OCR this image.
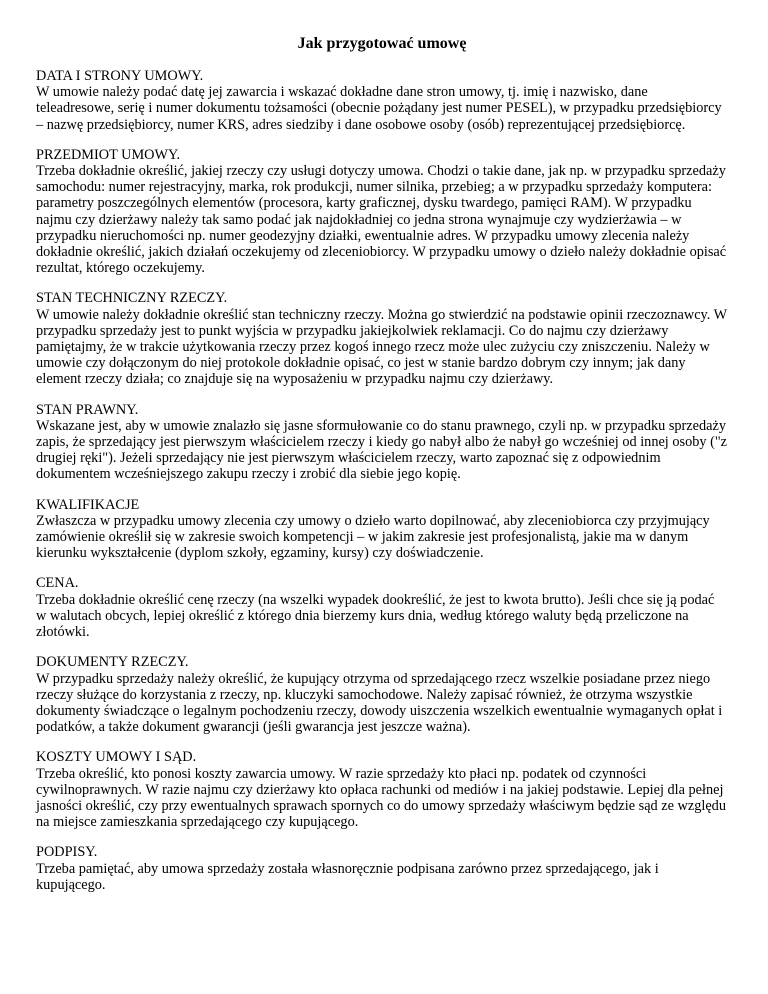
Jak przygotować umowę

DATA I STRONY UMOWY.

W umowie należy podać datę jej zawarcia i wskazać dokładne dane stron umowy, tj. imię i nazwisko, dane teleadresowe, serię i numer dokumentu tożsamości (obecnie pożądany jest numer PESEL), w przypadku przedsiębiorcy – nazwę przedsiębiorcy, numer KRS, adres siedziby i dane osobowe osoby (osób) reprezentującej przedsiębiorcę.

PRZEDMIOT UMOWY.

Trzeba dokładnie określić, jakiej rzeczy czy usługi dotyczy umowa. Chodzi o takie dane, jak np. w przypadku sprzedaży samochodu: numer rejestracyjny, marka, rok produkcji, numer silnika, przebieg; a w przypadku sprzedaży komputera: parametry poszczególnych elementów (procesora, karty graficznej, dysku twardego, pamięci RAM). W przypadku najmu czy dzierżawy należy tak samo podać jak najdokładniej co jedna strona wynajmuje czy wydzierżawia – w przypadku nieruchomości np. numer geodezyjny działki, ewentualnie adres. W przypadku umowy zlecenia należy dokładnie określić, jakich działań oczekujemy od zleceniobiorcy. W przypadku umowy o dzieło należy dokładnie opisać rezultat, którego oczekujemy.

STAN TECHNICZNY RZECZY.

W umowie należy dokładnie określić stan techniczny rzeczy. Można go stwierdzić na podstawie opinii rzeczoznawcy. W przypadku sprzedaży jest to punkt wyjścia w przypadku jakiejkolwiek reklamacji. Co do najmu czy dzierżawy pamiętajmy, że w trakcie użytkowania rzeczy przez kogoś innego rzecz może ulec zużyciu czy zniszczeniu. Należy w umowie czy dołączonym do niej protokole dokładnie opisać, co jest w stanie bardzo dobrym czy innym; jak dany element rzeczy działa; co znajduje się na wyposażeniu w przypadku najmu czy dzierżawy.

STAN PRAWNY.

Wskazane jest, aby w umowie znalazło się jasne sformułowanie co do stanu prawnego, czyli np. w przypadku sprzedaży zapis, że sprzedający jest pierwszym właścicielem rzeczy i kiedy go nabył albo że nabył go wcześniej od innej osoby ("z drugiej ręki"). Jeżeli sprzedający nie jest pierwszym właścicielem rzeczy, warto zapoznać się z odpowiednim dokumentem wcześniejszego zakupu rzeczy i zrobić dla siebie jego kopię.

KWALIFIKACJE

Zwłaszcza w przypadku umowy zlecenia czy umowy o dzieło warto dopilnować, aby zleceniobiorca czy przyjmujący zamówienie określił się w zakresie swoich kompetencji – w jakim zakresie jest profesjonalistą, jakie ma w danym kierunku wykształcenie (dyplom szkoły, egzaminy, kursy) czy doświadczenie.

CENA.

Trzeba dokładnie określić cenę rzeczy (na wszelki wypadek dookreślić, że jest to kwota brutto). Jeśli chce się ją podać w walutach obcych, lepiej określić z którego dnia bierzemy kurs dnia, według którego waluty będą przeliczone na złotówki.

DOKUMENTY RZECZY.

W przypadku sprzedaży należy określić, że kupujący otrzyma od sprzedającego rzecz wszelkie posiadane przez niego rzeczy służące do korzystania z rzeczy, np. kluczyki samochodowe. Należy zapisać również, że otrzyma wszystkie dokumenty świadczące o legalnym pochodzeniu rzeczy, dowody uiszczenia wszelkich ewentualnie wymaganych opłat i podatków, a także dokument gwarancji (jeśli gwarancja jest jeszcze ważna).

KOSZTY UMOWY I SĄD.

Trzeba określić, kto ponosi koszty zawarcia umowy. W razie sprzedaży kto płaci np. podatek od czynności cywilnoprawnych. W razie najmu czy dzierżawy kto opłaca rachunki od mediów i na jakiej podstawie. Lepiej dla pełnej jasności określić, czy przy ewentualnych sprawach spornych co do umowy sprzedaży właściwym będzie sąd ze względu na miejsce zamieszkania sprzedającego czy kupującego.

PODPISY.

Trzeba pamiętać, aby umowa sprzedaży została własnoręcznie podpisana zarówno przez sprzedającego, jak i kupującego.
